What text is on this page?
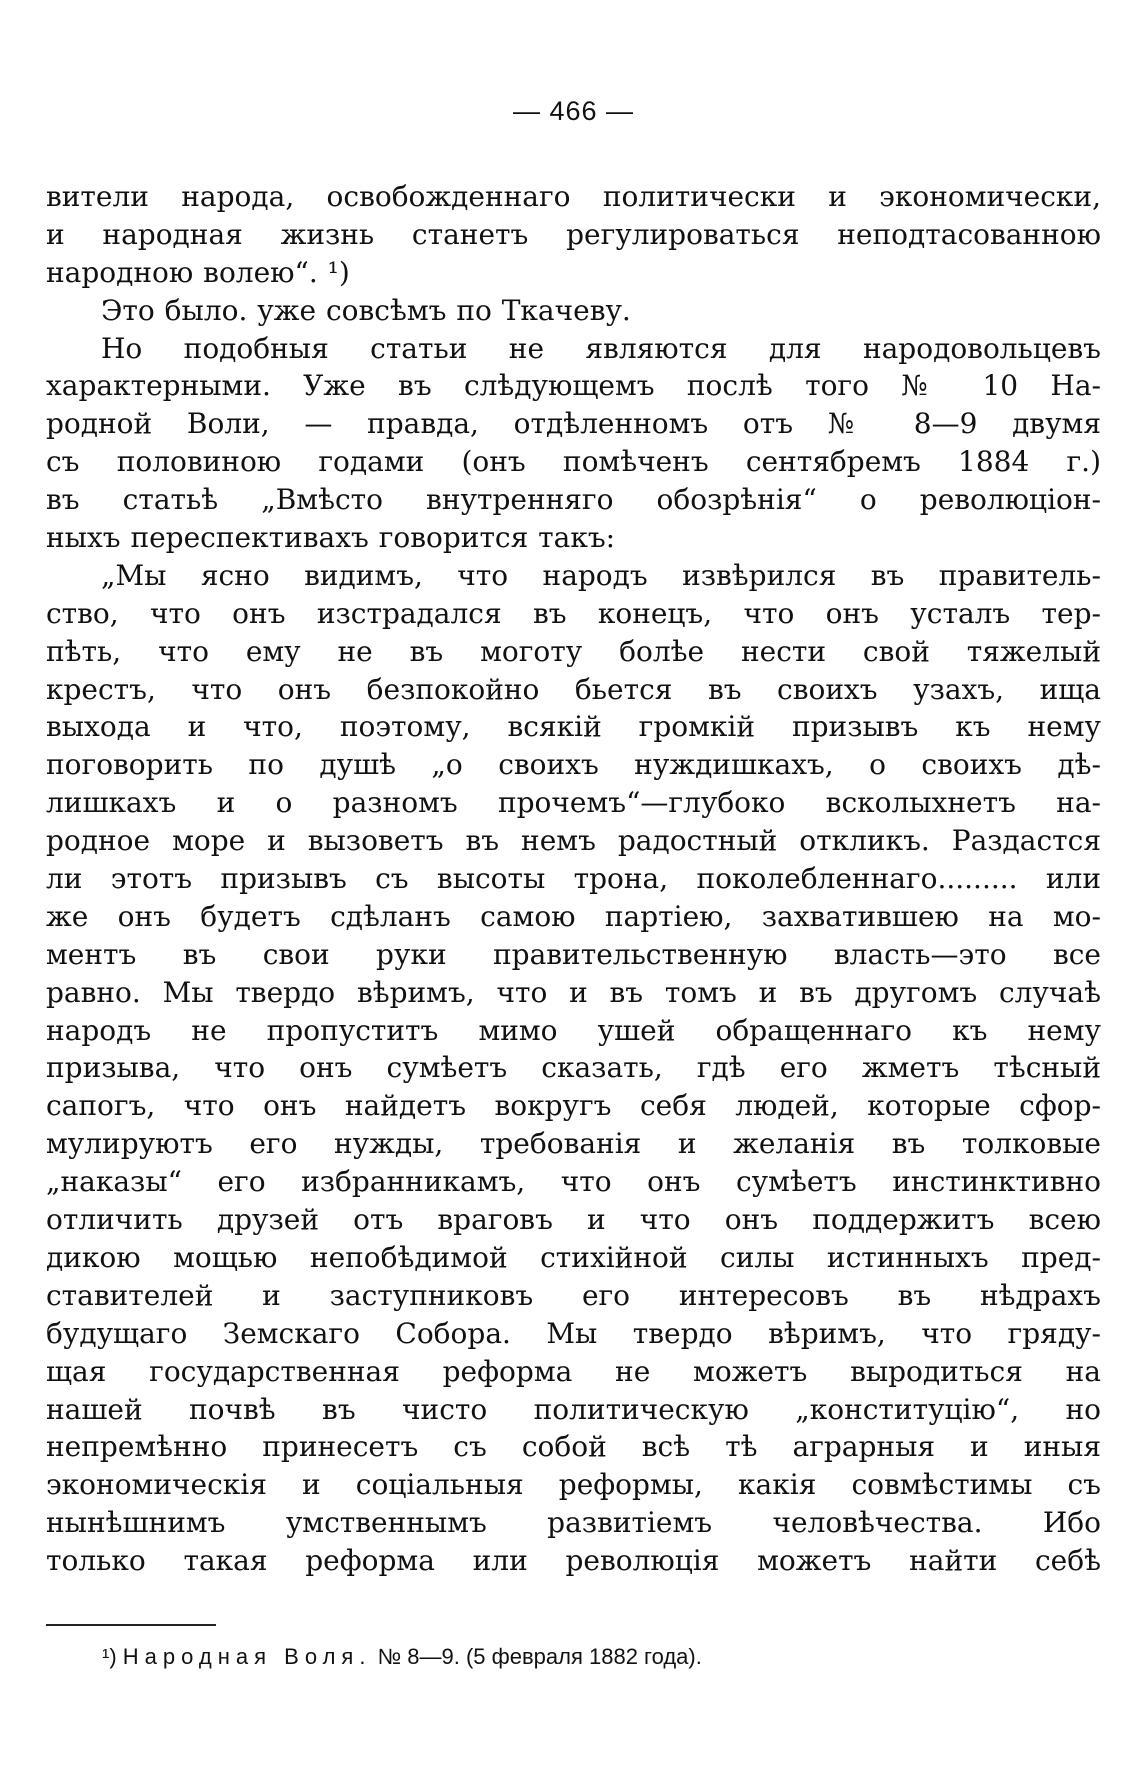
— 466 —
вители народа, освобожденнаго политически и экономически,
и народная жизнь станетъ регулироваться неподтасованною
народною волею“. ¹)
Это было. уже совсѣмъ по Ткачеву.
Но подобныя статьи не являются для народовольцевъ
характерными. Уже въ слѣдующемъ послѣ того № 10 На-
родной Воли, — правда, отдѣленномъ отъ № 8—9 двумя
съ половиною годами (онъ помѣченъ сентябремъ 1884 г.)
въ статьѣ „Вмѣсто внутренняго обозрѣнія“ о революціон-
ныхъ переспективахъ говорится такъ:
„Мы ясно видимъ, что народъ извѣрился въ правитель-
ство, что онъ изстрадался въ конецъ, что онъ усталъ тер-
пѣть, что ему не въ моготу болѣе нести свой тяжелый
крестъ, что онъ безпокойно бьется въ своихъ узахъ, ища
выхода и что, поэтому, всякій громкій призывъ къ нему
поговорить по душѣ „о своихъ нуждишкахъ, о своихъ дѣ-
лишкахъ и о разномъ прочемъ“—глубоко всколыхнетъ на-
родное море и вызоветъ въ немъ радостный откликъ. Раздастся
ли этотъ призывъ съ высоты трона, поколебленнаго......... или
же онъ будетъ сдѣланъ самою партіею, захватившею на мо-
ментъ въ свои руки правительственную власть—это все
равно. Мы твердо вѣримъ, что и въ томъ и въ другомъ случаѣ
народъ не пропуститъ мимо ушей обращеннаго къ нему
призыва, что онъ сумѣетъ сказать, гдѣ его жметъ тѣсный
сапогъ, что онъ найдетъ вокругъ себя людей, которые сфор-
мулируютъ его нужды, требованія и желанія въ толковые
„наказы“ его избранникамъ, что онъ сумѣетъ инстинктивно
отличить друзей отъ враговъ и что онъ поддержитъ всею
дикою мощью непобѣдимой стихійной силы истинныхъ пред-
ставителей и заступниковъ его интересовъ въ нѣдрахъ
будущаго Земскаго Собора. Мы твердо вѣримъ, что гряду-
щая государственная реформа не можетъ выродиться на
нашей почвѣ въ чисто политическую „конституцію“, но
непремѣнно принесетъ съ собой всѣ тѣ аграрныя и иныя
экономическія и соціальныя реформы, какія совмѣстимы съ
нынѣшнимъ умственнымъ развитіемъ человѣчества. Ибо
только такая реформа или революція можетъ найти себѣ
¹) Народная Воля. № 8—9. (5 февраля 1882 года).
